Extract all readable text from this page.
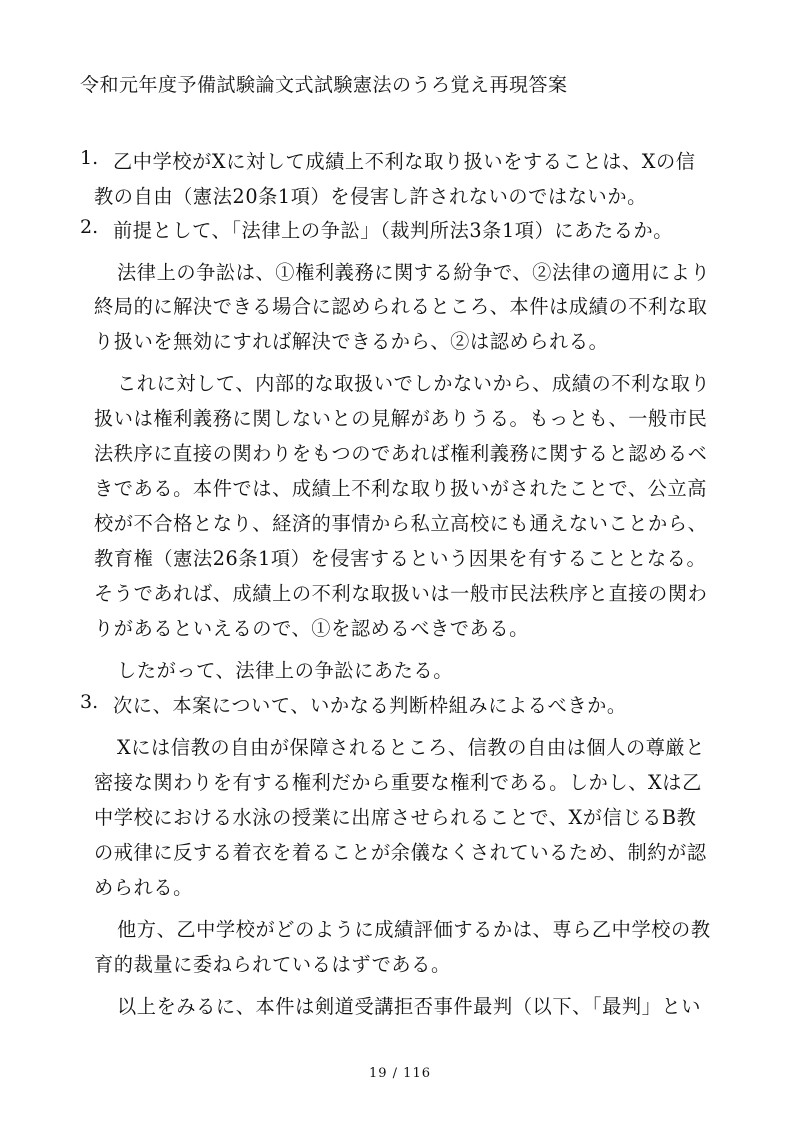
令和元年度予備試験論文式試験憲法のうろ覚え再現答案
1. 乙中学校がXに対して成績上不利な取り扱いをすることは、Xの信
教の自由（憲法20条1項）を侵害し許されないのではないか。
2. 前提として、「法律上の争訟」（裁判所法3条1項）にあたるか。
法律上の争訟は、①権利義務に関する紛争で、②法律の適用により
終局的に解決できる場合に認められるところ、本件は成績の不利な取
り扱いを無効にすれば解決できるから、②は認められる。
これに対して、内部的な取扱いでしかないから、成績の不利な取り
扱いは権利義務に関しないとの見解がありうる。もっとも、一般市民
法秩序に直接の関わりをもつのであれば権利義務に関すると認めるベ
きである。本件では、成績上不利な取り扱いがされたことで、公立高
校が不合格となり、経済的事情から私立高校にも通えないことから、
教育権（憲法26条1項）を侵害するという因果を有することとなる。
そうであれば、成績上の不利な取扱いは一般市民法秩序と直接の関わ
りがあるといえるので、①を認めるべきである。
したがって、法律上の争訟にあたる。
3. 次に、本案について、いかなる判断枠組みによるべきか。
Xには信教の自由が保障されるところ、信教の自由は個人の尊厳と
密接な関わりを有する権利だから重要な権利である。しかし、Xは乙
中学校における水泳の授業に出席させられることで、Xが信じるB教
の戒律に反する着衣を着ることが余儀なくされているため、制約が認
められる。
他方、乙中学校がどのように成績評価するかは、専ら乙中学校の教
育的裁量に委ねられているはずである。
以上をみるに、本件は剣道受講拒否事件最判（以下、「最判」とい
19 / 116
